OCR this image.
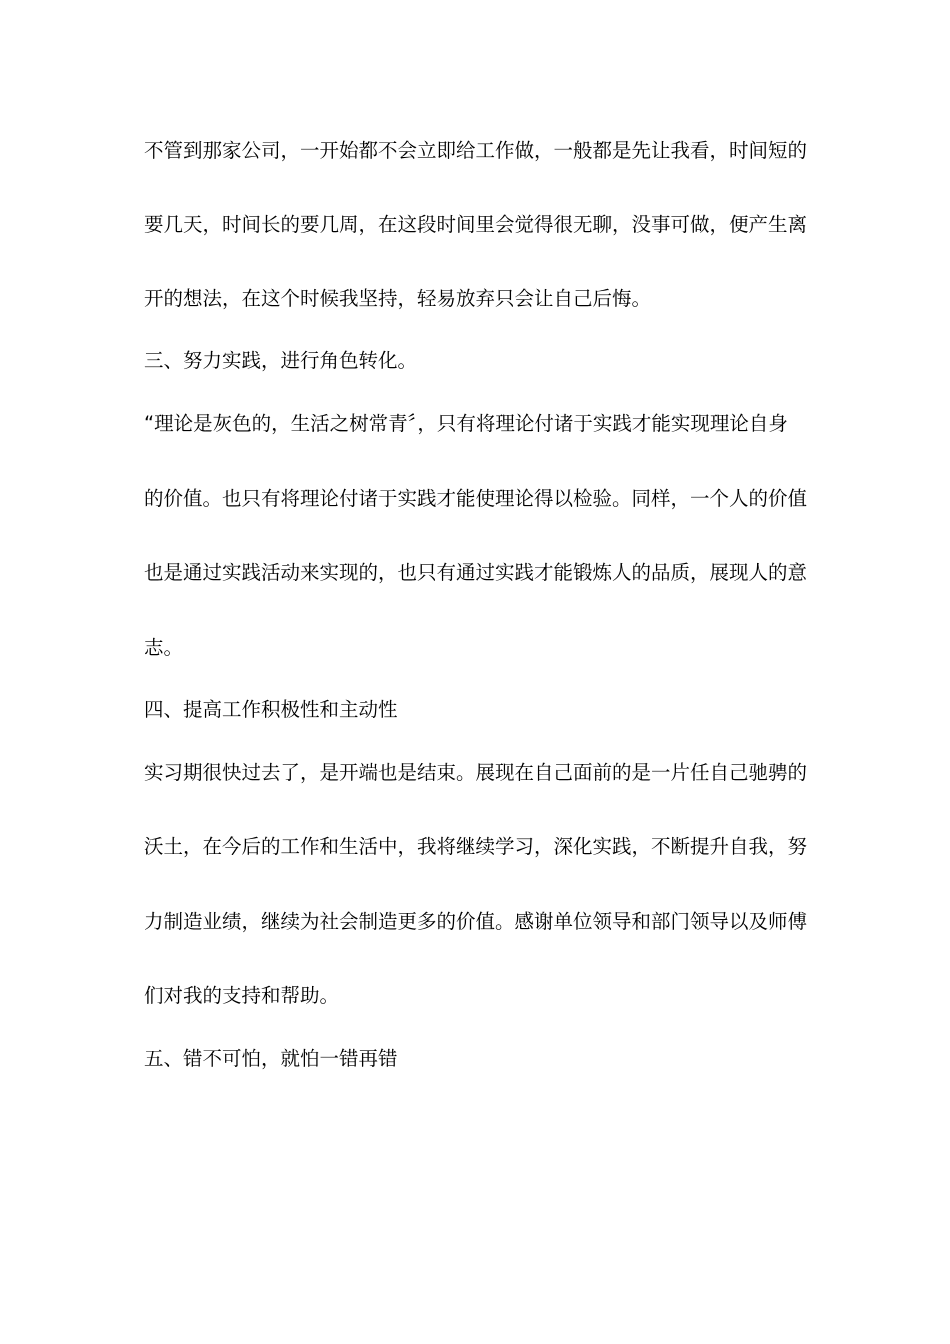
不管到那家公司，一开始都不会立即给工作做，一般都是先让我看，时间短的
要几天，时间长的要几周，在这段时间里会觉得很无聊，没事可做，便产生离
开的想法，在这个时候我坚持，轻易放弃只会让自己后悔。
三、努力实践，进行角色转化。
“理论是灰色的，生活之树常青〞，只有将理论付诸于实践才能实现理论自身
的价值。也只有将理论付诸于实践才能使理论得以检验。同样，一个人的价值
也是通过实践活动来实现的，也只有通过实践才能锻炼人的品质，展现人的意
志。
四、提高工作积极性和主动性
实习期很快过去了，是开端也是结束。展现在自己面前的是一片任自己驰骋的
沃土，在今后的工作和生活中，我将继续学习，深化实践，不断提升自我，努
力制造业绩，继续为社会制造更多的价值。感谢单位领导和部门领导以及师傅
们对我的支持和帮助。
五、错不可怕，就怕一错再错
